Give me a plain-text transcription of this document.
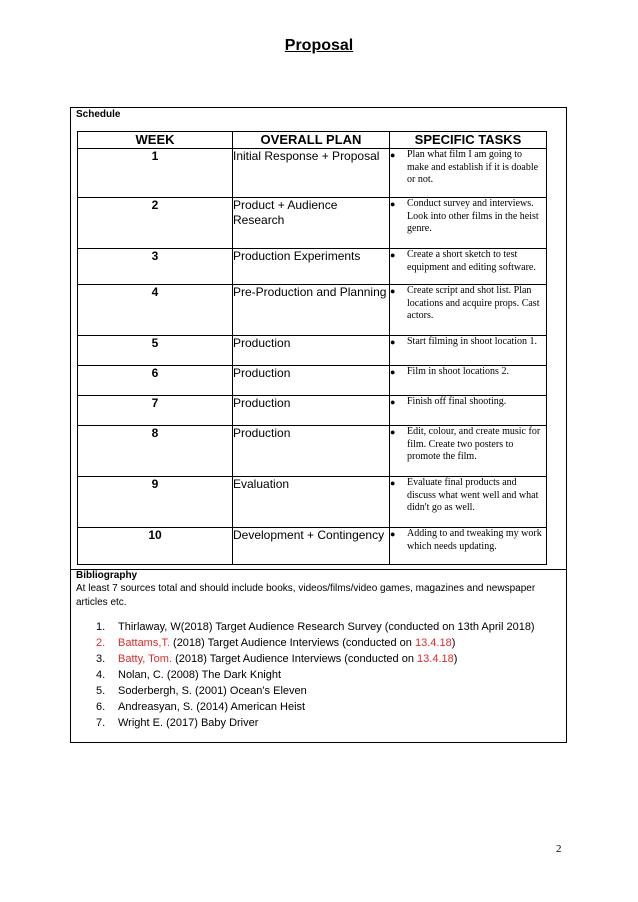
Proposal
Schedule
WEEK	OVERALL PLAN	SPECIFIC TASKS
1	Initial Response + Proposal	● Plan what film I am going to make and establish if it is doable or not.

2	Product + Audience Research	● Conduct survey and interviews. Look into other films in the heist genre.

3	Production Experiments	● Create a short sketch to test equipment and editing software.

4	Pre-Production and Planning	● Create script and shot list. Plan locations and acquire props. Cast actors.

5	Production	● Start filming in shoot location 1.

6	Production	● Film in shoot locations 2.

7	Production	● Finish off final shooting.

8	Production	● Edit, colour, and create music for film. Create two posters to promote the film.

9	Evaluation	● Evaluate final products and discuss what went well and what didn't go as well.

10	Development + Contingency	● Adding to and tweaking my work which needs updating.
Bibliography
At least 7 sources total and should include books, videos/films/video games, magazines and newspaper articles etc.
1.	Thirlaway, W(2018) Target Audience Research Survey (conducted on 13th April 2018)
2.	Battams,T. (2018) Target Audience Interviews (conducted on 13.4.18)
3.	Batty, Tom. (2018) Target Audience Interviews (conducted on 13.4.18)
4.	Nolan, C. (2008) The Dark Knight
5.	Soderbergh, S. (2001) Ocean’s Eleven
6.	Andreasyan, S. (2014) American Heist
7.	Wright E. (2017) Baby Driver
2
